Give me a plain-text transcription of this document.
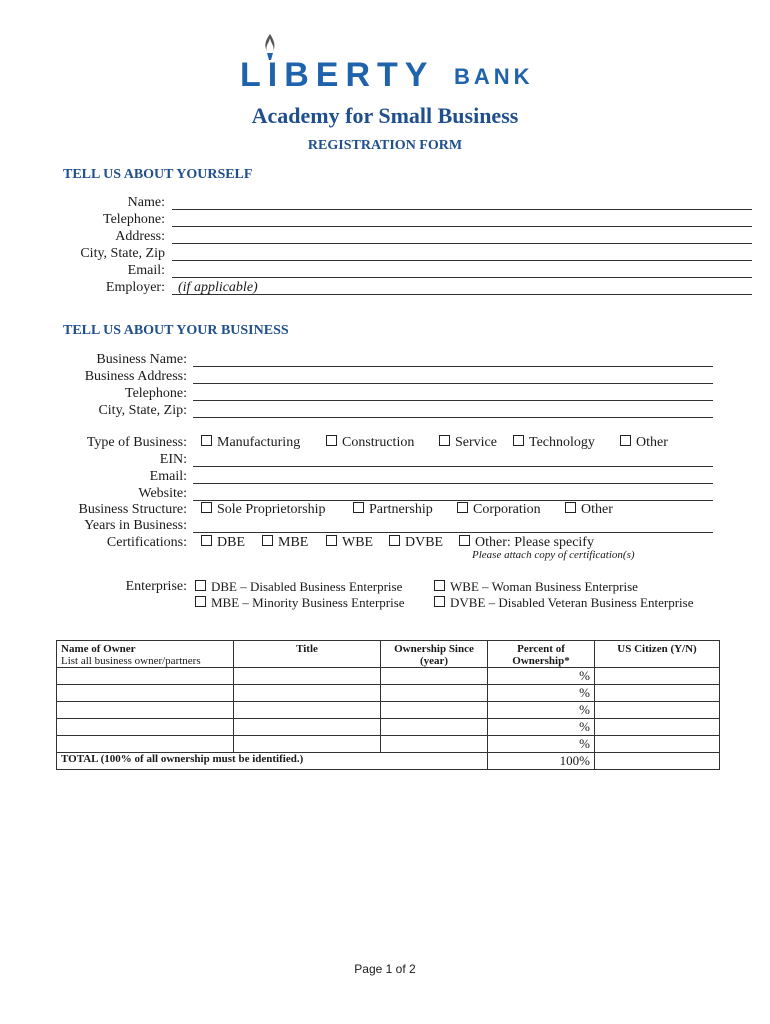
LIBERTY BANK
Academy for Small Business
REGISTRATION FORM
TELL US ABOUT YOURSELF
Name:
Telephone:
Address:
City, State, Zip
Email:
Employer: (if applicable)
TELL US ABOUT YOUR BUSINESS
Business Name:
Business Address:
Telephone:
City, State, Zip:
Type of Business:	Manufacturing	Construction	Service	Technology	Other
EIN:
Email:
Website:
Business Structure:	Sole Proprietorship	Partnership	Corporation	Other
Years in Business:
Certifications:	DBE	MBE	WBE	DVBE	Other: Please specify
Please attach copy of certification(s)
Enterprise:	DBE – Disabled Business Enterprise	WBE – Woman Business Enterprise
MBE – Minority Business Enterprise	DVBE – Disabled Veteran Business Enterprise
Name of Owner
List all business owner/partners	Title	Ownership Since (year)	Percent of Ownership*	US Citizen (Y/N)
			%	
			%	
			%	
			%	
			%	
TOTAL (100% of all ownership must be identified.)			100%	
Page 1 of 2
